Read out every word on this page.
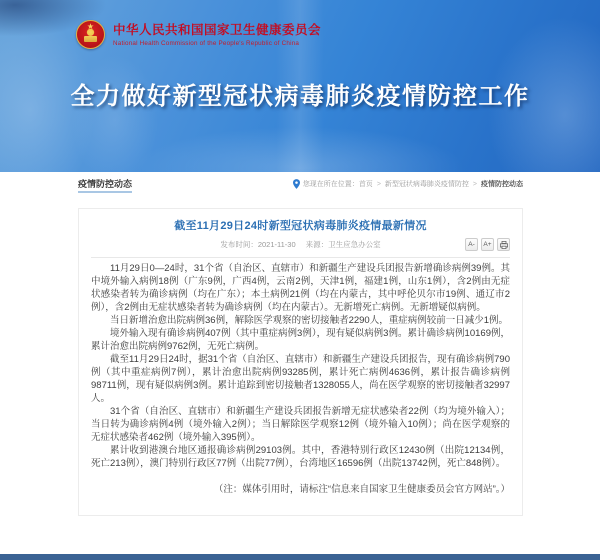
★	中华人民共和国国家卫生健康委员会
National Health Commission of the People's Republic of China
全力做好新型冠状病毒肺炎疫情防控工作
疫情防控动态	您现在所在位置： 首页 > 新型冠状病毒肺炎疫情防控 > 疫情防控动态
截至11月29日24时新型冠状病毒肺炎疫情最新情况
发布时间：2021-11-30 来源：卫生应急办公室	A-	A+

11月29日0—24时，31个省（自治区、直辖市）和新疆生产建设兵团报告新增确诊病例39例。其中境外输入病例18例（广东9例，广西4例，云南2例，天津1例，福建1例，山东1例），含2例由无症状感染者转为确诊病例（均在广东）；本土病例21例（均在内蒙古，其中呼伦贝尔市19例、通辽市2例），含2例由无症状感染者转为确诊病例（均在内蒙古）。无新增死亡病例。无新增疑似病例。

当日新增治愈出院病例36例，解除医学观察的密切接触者2290人，重症病例较前一日减少1例。

境外输入现有确诊病例407例（其中重症病例3例），现有疑似病例3例。累计确诊病例10169例，累计治愈出院病例9762例，无死亡病例。

截至11月29日24时，据31个省（自治区、直辖市）和新疆生产建设兵团报告，现有确诊病例790例（其中重症病例7例），累计治愈出院病例93285例，累计死亡病例4636例，累计报告确诊病例98711例，现有疑似病例3例。累计追踪到密切接触者1328055人，尚在医学观察的密切接触者32997人。

31个省（自治区、直辖市）和新疆生产建设兵团报告新增无症状感染者22例（均为境外输入）；当日转为确诊病例4例（境外输入2例）；当日解除医学观察12例（境外输入10例）；尚在医学观察的无症状感染者462例（境外输入395例）。

累计收到港澳台地区通报确诊病例29103例。其中，香港特别行政区12430例（出院12134例，死亡213例），澳门特别行政区77例（出院77例），台湾地区16596例（出院13742例，死亡848例）。

（注：媒体引用时，请标注“信息来自国家卫生健康委员会官方网站”。）
